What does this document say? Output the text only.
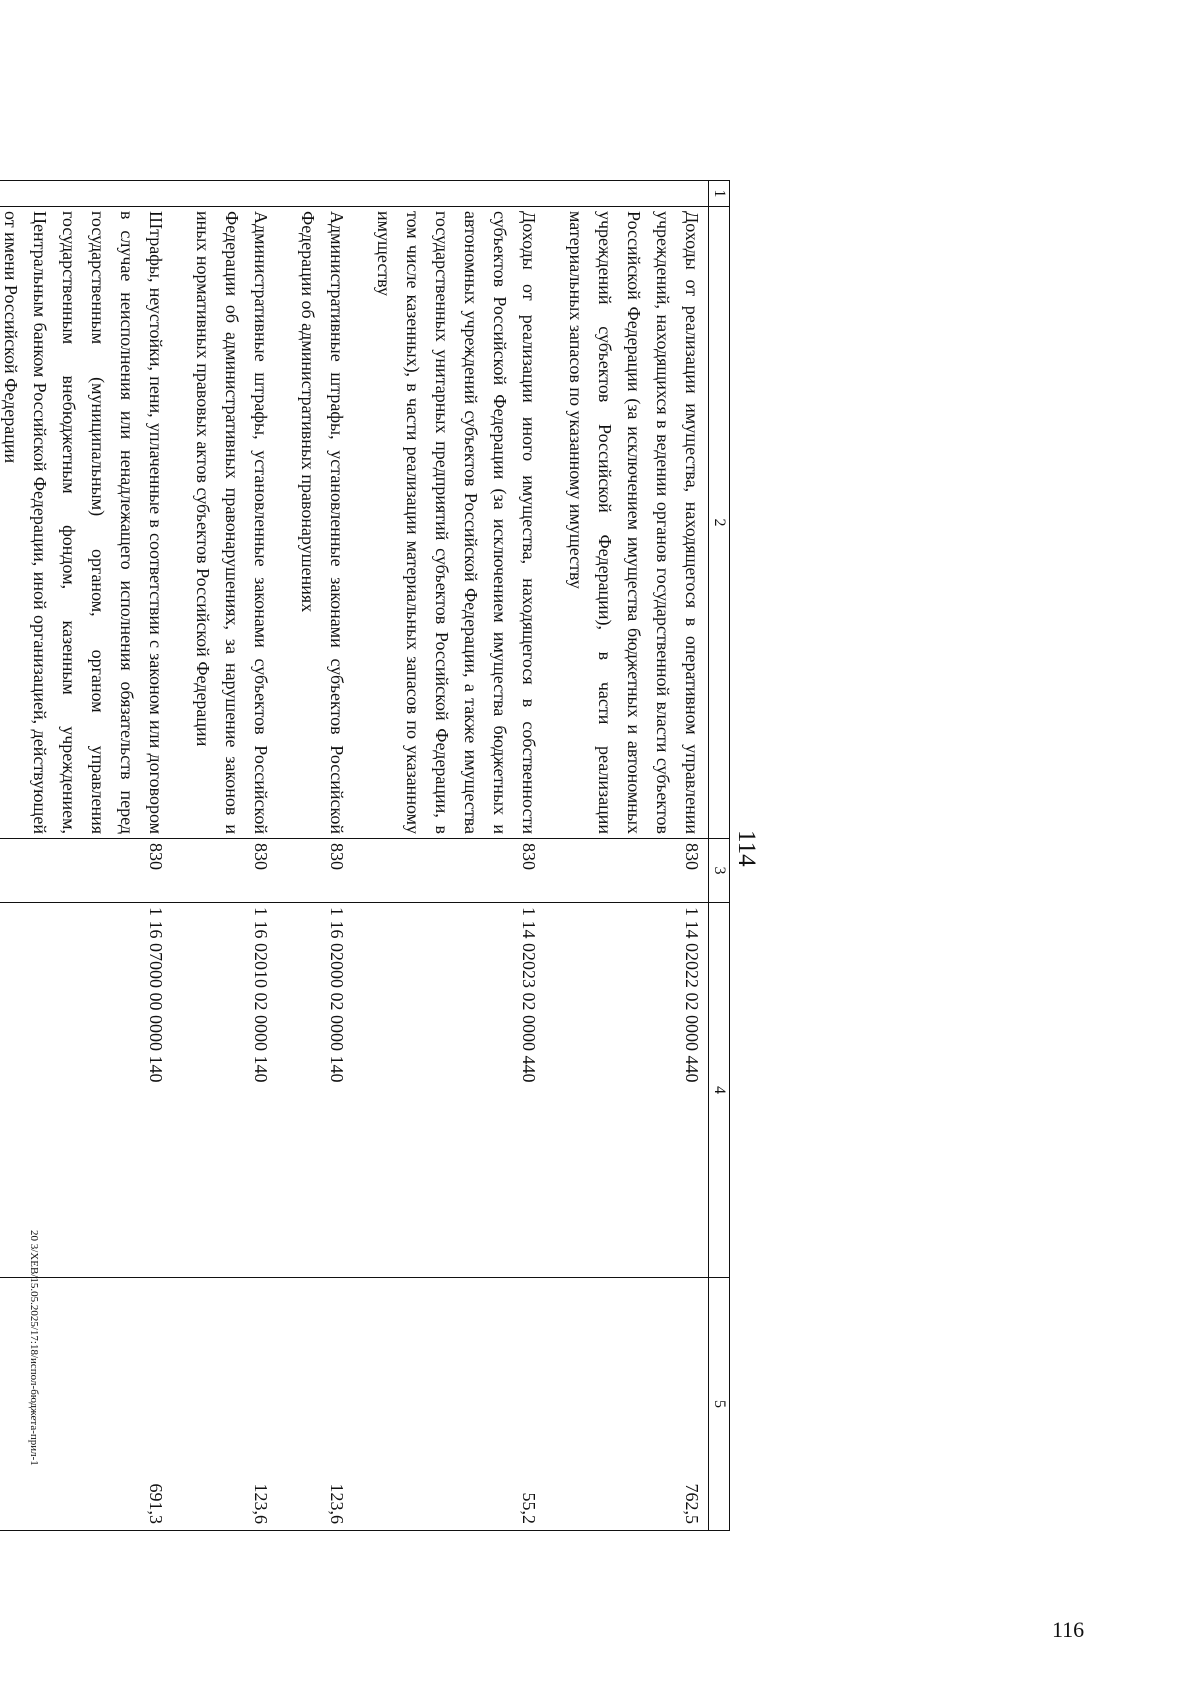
114
1	2	3	4	5
	Доходы от реализации имущества, находящегося в оперативном управлении учреждений, находящихся в ведении органов государственной власти субъектов Российской Федерации (за исключением имущества бюджетных и автономных учреждений субъектов Российской Федерации), в части реализации материальных запасов по указанному имуществу	830	1 14 02022 02 0000 440	762,5
	Доходы от реализации иного имущества, находящегося в собственности субъектов Российской Федерации (за исключением имущества бюджетных и автономных учреждений субъектов Российской Федерации, а также имущества государственных унитарных предприятий субъектов Российской Федерации, в том числе казенных), в части реализации материальных запасов по указанному имуществу	830	1 14 02023 02 0000 440	55,2
	Административные штрафы, установленные законами субъектов Российской Федерации об административных правонарушениях	830	1 16 02000 02 0000 140	123,6
	Административные штрафы, установленные законами субъектов Российской Федерации об административных правонарушениях, за нарушение законов и иных нормативных правовых актов субъектов Российской Федерации	830	1 16 02010 02 0000 140	123,6
	Штрафы, неустойки, пени, уплаченные в соответствии с законом или договором в случае неисполнения или ненадлежащего исполнения обязательств перед государственным (муниципальным) органом, органом управления государственным внебюджетным фондом, казенным учреждением, Центральным банком Российской Федерации, иной организацией, действующей от имени Российской Федерации	830	1 16 07000 00 0000 140	691,3

20 3/ХЕВ/15.05.2025/17:18/испол-бюджета-прил-1
116
